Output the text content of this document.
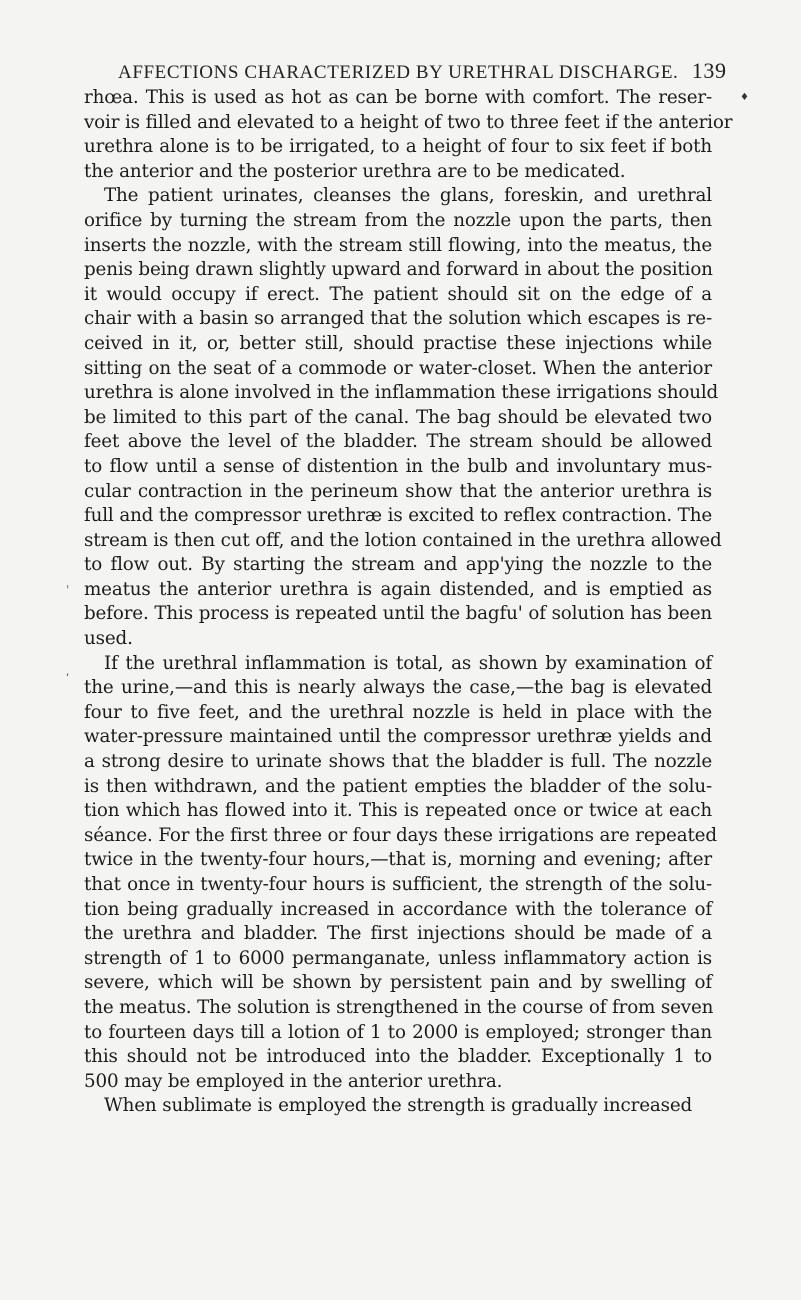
AFFECTIONS CHARACTERIZED BY URETHRAL DISCHARGE. 139
♦
'
,
rhœa. This is used as hot as can be borne with comfort. The reser-
voir is filled and elevated to a height of two to three feet if the anterior
urethra alone is to be irrigated, to a height of four to six feet if both
the anterior and the posterior urethra are to be medicated.
The patient urinates, cleanses the glans, foreskin, and urethral
orifice by turning the stream from the nozzle upon the parts, then
inserts the nozzle, with the stream still flowing, into the meatus, the
penis being drawn slightly upward and forward in about the position
it would occupy if erect. The patient should sit on the edge of a
chair with a basin so arranged that the solution which escapes is re-
ceived in it, or, better still, should practise these injections while
sitting on the seat of a commode or water-closet. When the anterior
urethra is alone involved in the inflammation these irrigations should
be limited to this part of the canal. The bag should be elevated two
feet above the level of the bladder. The stream should be allowed
to flow until a sense of distention in the bulb and involuntary mus-
cular contraction in the perineum show that the anterior urethra is
full and the compressor urethræ is excited to reflex contraction. The
stream is then cut off, and the lotion contained in the urethra allowed
to flow out. By starting the stream and app'ying the nozzle to the
meatus the anterior urethra is again distended, and is emptied as
before. This process is repeated until the bagfu' of solution has been
used.
If the urethral inflammation is total, as shown by examination of
the urine,—and this is nearly always the case,—the bag is elevated
four to five feet, and the urethral nozzle is held in place with the
water-pressure maintained until the compressor urethræ yields and
a strong desire to urinate shows that the bladder is full. The nozzle
is then withdrawn, and the patient empties the bladder of the solu-
tion which has flowed into it. This is repeated once or twice at each
séance. For the first three or four days these irrigations are repeated
twice in the twenty-four hours,—that is, morning and evening; after
that once in twenty-four hours is sufficient, the strength of the solu-
tion being gradually increased in accordance with the tolerance of
the urethra and bladder. The first injections should be made of a
strength of 1 to 6000 permanganate, unless inflammatory action is
severe, which will be shown by persistent pain and by swelling of
the meatus. The solution is strengthened in the course of from seven
to fourteen days till a lotion of 1 to 2000 is employed; stronger than
this should not be introduced into the bladder. Exceptionally 1 to
500 may be employed in the anterior urethra.
When sublimate is employed the strength is gradually increased
